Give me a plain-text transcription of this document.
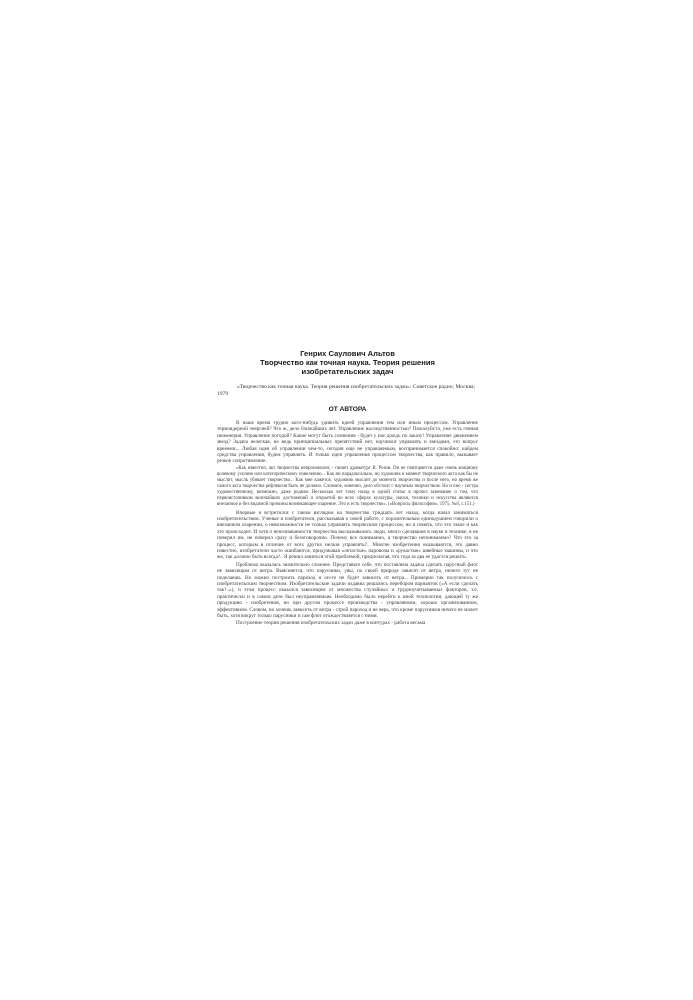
Генрих Саулович Альтов
Творчество как точная наука. Теория решения
изобретательских задач
«Творчество как точная наука. Теория решения изобретательских задач»: Советское радио; Москва; 1979
ОТ АВТОРА

В наше время трудно кого-нибудь удивить идеей управления тем или иным процессом. Управление термоядерной энергией? Что ж, дело ближайших лет. Управление наследственностью? Пожалуйста, уже есть генная инженерия. Управление погодой? Какие могут быть сомнения - будет у нас дождь по заказу! Управление движением звезд? Задача нелегкая, но ведь принципиальных препятствий нет, научимся управлять и звездами, это вопрос времени... Любая идея об управлении чем-то, сегодня еще не управляемым, воспринимается спокойно: найдем средства управления, будем управлять. И только идея управления процессом творчества, как правило, вызывает резкое сопротивление.

«Как известно, акт творчества непроизволен, - пишет драматург В. Розов. Он не повторяется даже очень мощному волевому усилию или категорическому повелению... Как ни парадоксально, но художник в момент творческого акта как бы не мыслит, мысль убивает творчество... Как мне кажется, художник мыслит до момента творчества и после него, но время же самого акта творчества рефлексия быть не должно. Сложное, конечно, дело обстоит с научным творчеством. Но и оно - сестра художественному, возможно, даже родная. Несколько лет тому назад в одной статье я прочел замечание о том, что первоисточником величайших достижений и открытий во всех сферах культуры, науки, техники и искусства являются внезапное и без видимой причины возникающее озарение. Это и есть творчество». («Вопросы философии», 1975, №8, с.151.)

Впервые я встретился с таким взглядом на творчество тридцать лет назад, когда начал заниматься изобретательством. Ученые и изобретатели, рассказывая о своей работе, с поразительным единодушием говорили о внезапном озарении, о невозможности не только управлять творческим процессом, но и понять, что это такое и как это происходит. И хотя о непознаваемости творчества высказывались люди, много сделавшие в науке и технике, я не поверил им, не поверил сразу и безоговорочно. Почему все понимаемо, а творчество непонимаемо? Что это за процесс, которым в отличие от всех других нельзя управлять?.. Многие изобретения оказываются, это давно известно, изобретатели часто ошибаются, придумывая «летастые» паровозы и «рукастые» швейные машины, и что же, так должно быть всегда?.. Я решил заняться этой проблемой, предполагая, что года за два ее удастся решить.

Проблема оказалась значительно сложнее. Представьте себе, что поставлена задача сделать парусный флот не зависящим от ветра. Выясняется, что парусники, увы, по своей природе зависят от ветра, ничего тут не поделаешь. Но можно построить пароход и он-то не будет зависеть от ветра... Примерно так получилось с изобретательским творчеством. Изобретательские задачи издавна решались перебором вариантов («А если сделать так?..»), и этом процесс оказался зависящим от множества случайных и трудноучитываемых факторов, т.е. практически и в самом деле был неуправляемым. Необходимо было перейти к иной технологии, дающей ту же продукцию - изобретения, но при другом процессе производства - управляемом, хорошо организованном, эффективном. Словом, но хочешь зависеть от ветра - строй пароход и не верь, что кроме парусников ничего не может быть, хотя вокруг только парусники и сам флот отождествляется с ними.

Построение теории решения изобретательских задач даже в контурах - работа весьма
